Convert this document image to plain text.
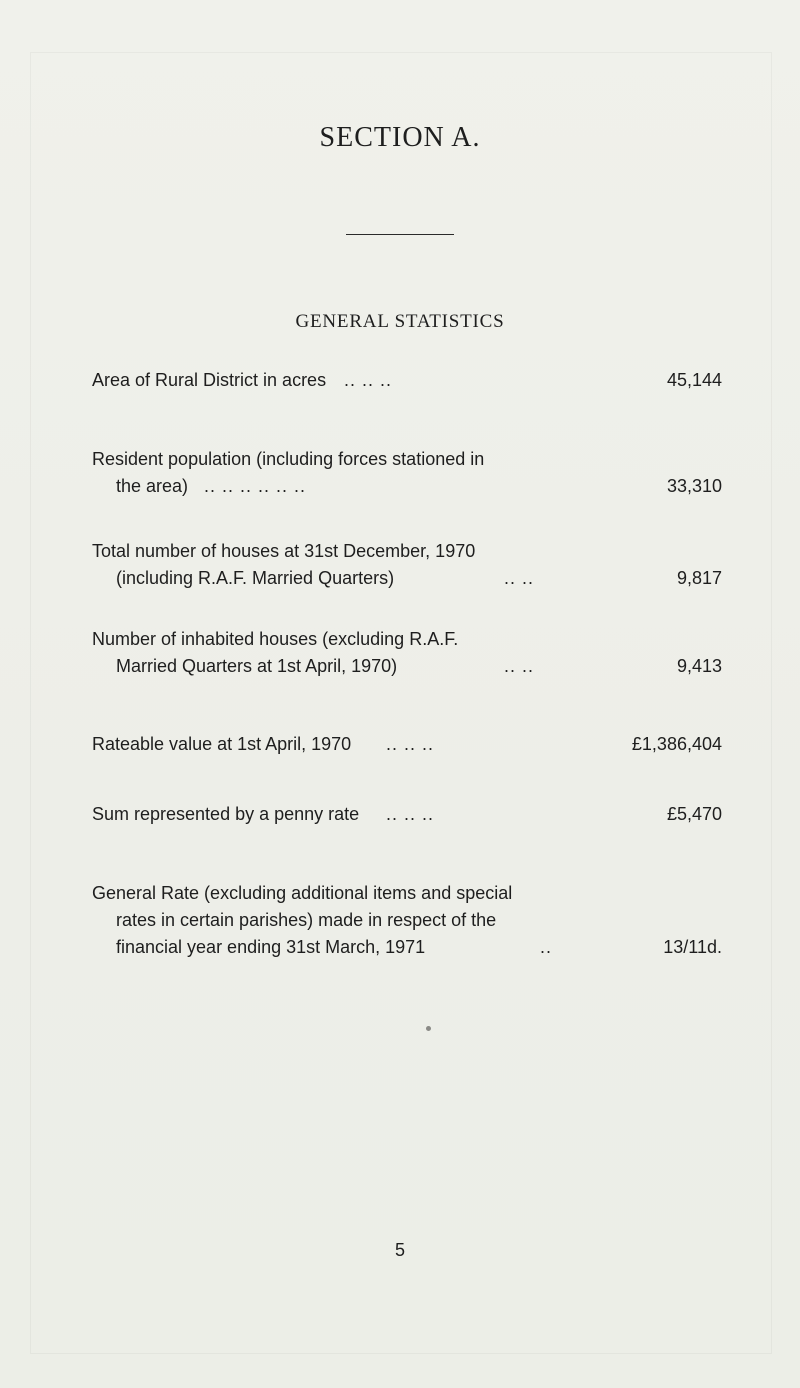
SECTION A.
GENERAL STATISTICS
Area of Rural District in acres .. .. ..	45,144
Resident population (including forces stationed in
the area) .. .. .. .. .. ..	33,310
Total number of houses at 31st December, 1970
(including R.A.F. Married Quarters)	.. ..	9,817
Number of inhabited houses (excluding R.A.F.
Married Quarters at 1st April, 1970)	.. ..	9,413
Rateable value at 1st April, 1970 .. .. ..	£1,386,404
Sum represented by a penny rate .. .. ..	£5,470
General Rate (excluding additional items and special
rates in certain parishes) made in respect of the
financial year ending 31st March, 1971	..	13/11d.
5
